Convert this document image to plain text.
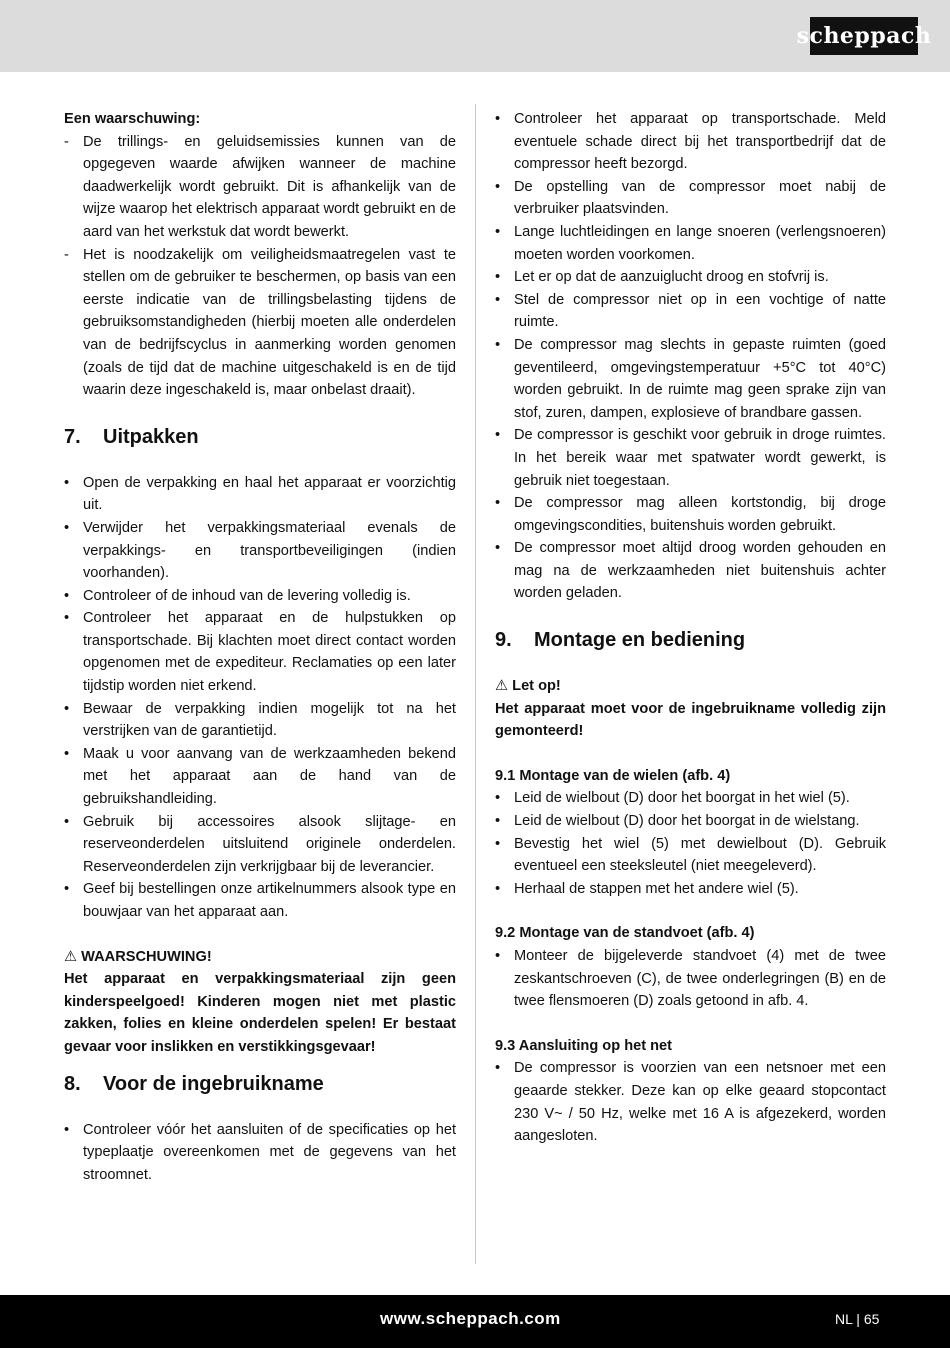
scheppach

Een waarschuwing:

- De trillings- en geluidsemissies kunnen van de opgegeven waarde afwijken wanneer de machine daadwerkelijk wordt gebruikt. Dit is afhankelijk van de wijze waarop het elektrisch apparaat wordt gebruikt en de aard van het werkstuk dat wordt bewerkt.
- Het is noodzakelijk om veiligheidsmaatregelen vast te stellen om de gebruiker te beschermen, op basis van een eerste indicatie van de trillingsbelasting tijdens de gebruiksomstandigheden (hierbij moeten alle onderdelen van de bedrijfscyclus in aanmerking worden genomen (zoals de tijd dat de machine uitgeschakeld is en de tijd waarin deze ingeschakeld is, maar onbelast draait).
7.	Uitpakken
• Open de verpakking en haal het apparaat er voorzichtig uit.
• Verwijder het verpakkingsmateriaal evenals de verpakkings- en transportbeveiligingen (indien voorhanden).
• Controleer of de inhoud van de levering volledig is.
• Controleer het apparaat en de hulpstukken op transportschade. Bij klachten moet direct contact worden opgenomen met de expediteur. Reclamaties op een later tijdstip worden niet erkend.
• Bewaar de verpakking indien mogelijk tot na het verstrijken van de garantietijd.
• Maak u voor aanvang van de werkzaamheden bekend met het apparaat aan de hand van de gebruikshandleiding.
• Gebruik bij accessoires alsook slijtage- en reserveonderdelen uitsluitend originele onderdelen. Reserveonderdelen zijn verkrijgbaar bij de leverancier.
• Geef bij bestellingen onze artikelnummers alsook type en bouwjaar van het apparaat aan.

⚠ WAARSCHUWING!

Het apparaat en verpakkingsmateriaal zijn geen kinderspeelgoed! Kinderen mogen niet met plastic zakken, folies en kleine onderdelen spelen! Er bestaat gevaar voor inslikken en verstikkingsgevaar!

8.	Voor de ingebruikname
• Controleer vóór het aansluiten of de specificaties op het typeplaatje overeenkomen met de gegevens van het stroomnet.
• Controleer het apparaat op transportschade. Meld eventuele schade direct bij het transportbedrijf dat de compressor heeft bezorgd.
• De opstelling van de compressor moet nabij de verbruiker plaatsvinden.
• Lange luchtleidingen en lange snoeren (verlengsnoeren) moeten worden voorkomen.
• Let er op dat de aanzuiglucht droog en stofvrij is.
• Stel de compressor niet op in een vochtige of natte ruimte.
• De compressor mag slechts in gepaste ruimten (goed geventileerd, omgevingstemperatuur +5°C tot 40°C) worden gebruikt. In de ruimte mag geen sprake zijn van stof, zuren, dampen, explosieve of brandbare gassen.
• De compressor is geschikt voor gebruik in droge ruimtes. In het bereik waar met spatwater wordt gewerkt, is gebruik niet toegestaan.
• De compressor mag alleen kortstondig, bij droge omgevingscondities, buitenshuis worden gebruikt.
• De compressor moet altijd droog worden gehouden en mag na de werkzaamheden niet buitenshuis achter worden geladen.
9.	Montage en bediening

⚠ Let op!

Het apparaat moet voor de ingebruikname volledig zijn gemonteerd!

9.1 Montage van de wielen (afb. 4)

• Leid de wielbout (D) door het boorgat in het wiel (5).
• Leid de wielbout (D) door het boorgat in de wielstang.
• Bevestig het wiel (5) met dewielbout (D). Gebruik eventueel een steeksleutel (niet meegeleverd).
• Herhaal de stappen met het andere wiel (5).

9.2 Montage van de standvoet (afb. 4)

• Monteer de bijgeleverde standvoet (4) met de twee zeskantschroeven (C), de twee onderlegringen (B) en de twee flensmoeren (D) zoals getoond in afb. 4.

9.3 Aansluiting op het net

• De compressor is voorzien van een netsnoer met een geaarde stekker. Deze kan op elke geaard stopcontact 230 V~ / 50 Hz, welke met 16 A is afgezekerd, worden aangesloten.
www.scheppach.com	NL | 65
